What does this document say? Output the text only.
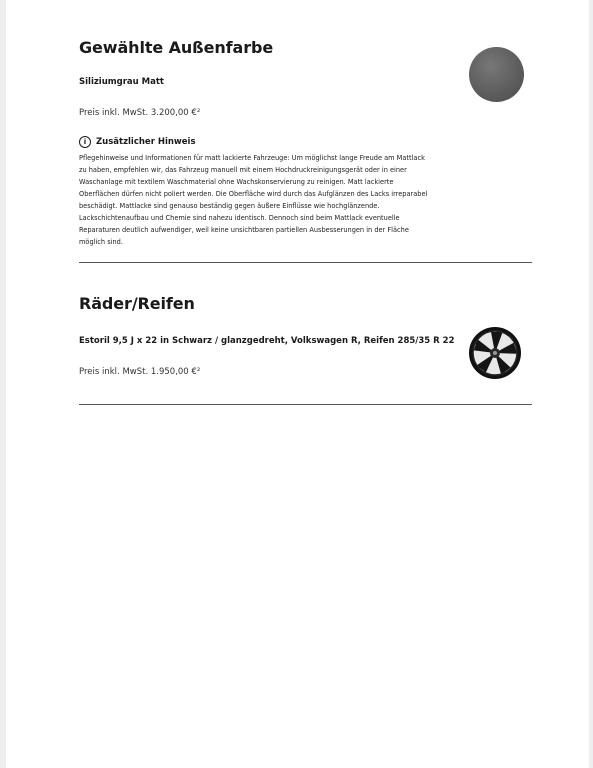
Gewählte Außenfarbe
Siliziumgrau Matt
Preis inkl. MwSt. 3.200,00 €²
i	Zusätzlicher Hinweis
Pflegehinweise und Informationen für matt lackierte Fahrzeuge: Um möglichst lange Freude am Mattlack
zu haben, empfehlen wir, das Fahrzeug manuell mit einem Hochdruckreinigungsgerät oder in einer
Waschanlage mit textilem Waschmaterial ohne Wachskonservierung zu reinigen. Matt lackierte
Oberflächen dürfen nicht poliert werden. Die Oberfläche wird durch das Aufglänzen des Lacks irreparabel
beschädigt. Mattlacke sind genauso beständig gegen äußere Einflüsse wie hochglänzende.
Lackschichtenaufbau und Chemie sind nahezu identisch. Dennoch sind beim Mattlack eventuelle
Reparaturen deutlich aufwendiger, weil keine unsichtbaren partiellen Ausbesserungen in der Fläche
möglich sind.
Räder/Reifen
Estoril 9,5 J x 22 in Schwarz / glanzgedreht, Volkswagen R, Reifen 285/35 R 22
Preis inkl. MwSt. 1.950,00 €²
